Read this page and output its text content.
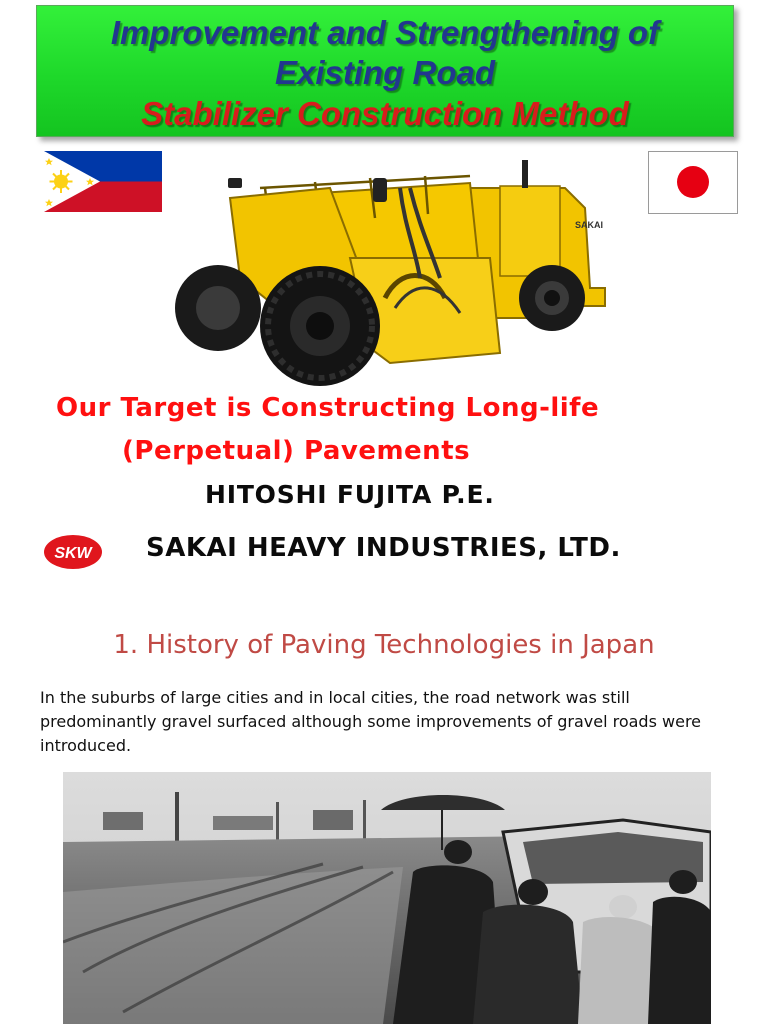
Improvement and Strengthening of
Existing Road
Stabilizer Construction Method
SAKAI
Our Target is Constructing Long-life
(Perpetual) Pavements
HITOSHI FUJITA P.E.
SKW SAKAI HEAVY INDUSTRIES, LTD.
1. History of Paving Technologies in Japan
In the suburbs of large cities and in local cities, the road network was still predominantly gravel surfaced although some improvements of gravel roads were introduced.
